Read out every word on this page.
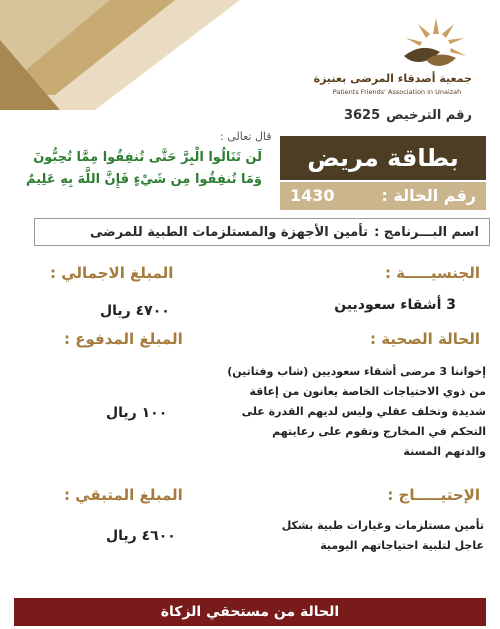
جمعية أصدقاء المرضى بعنيزة
Patients Friends' Association in Unaizah
رقم الترخيص3625
قال تعالى :
لَن تَنَالُوا الْبِرَّ حَتَّى تُنفِقُوا مِمَّا تُحِبُّونَ
وَمَا تُنفِقُوا مِن شَيْءٍ فَإِنَّ اللَّهَ بِهِ عَلِيمٌ
بطاقة مريض
رقم الحالة :
1430
اسم البـــرنامج :
تأمين الأجهزة والمستلزمات الطبية للمرضى
الجنسيـــــة :
3 أشقاء سعوديين
المبلغ الاجمالي :
٤٧٠٠ ريال
الحالة الصحية :
المبلغ المدفوع :
إخواننا 3 مرضى أشقاء سعوديين (شاب وفتاتين)
من ذوي الاحتياجات الخاصة يعانون من إعاقة
شديدة وتخلف عقلي وليس لديهم القدرة على
التحكم في المخارج وتقوم على رعايتهم
والدتهم المسنة
١٠٠ ريال
الإحتيـــــاج :
المبلغ المتبقي :
تأمين مستلزمات وغيارات طبية بشكل
عاجل لتلبية احتياجاتهم اليومية
٤٦٠٠ ريال
الحالة من مستحقي الزكاة
